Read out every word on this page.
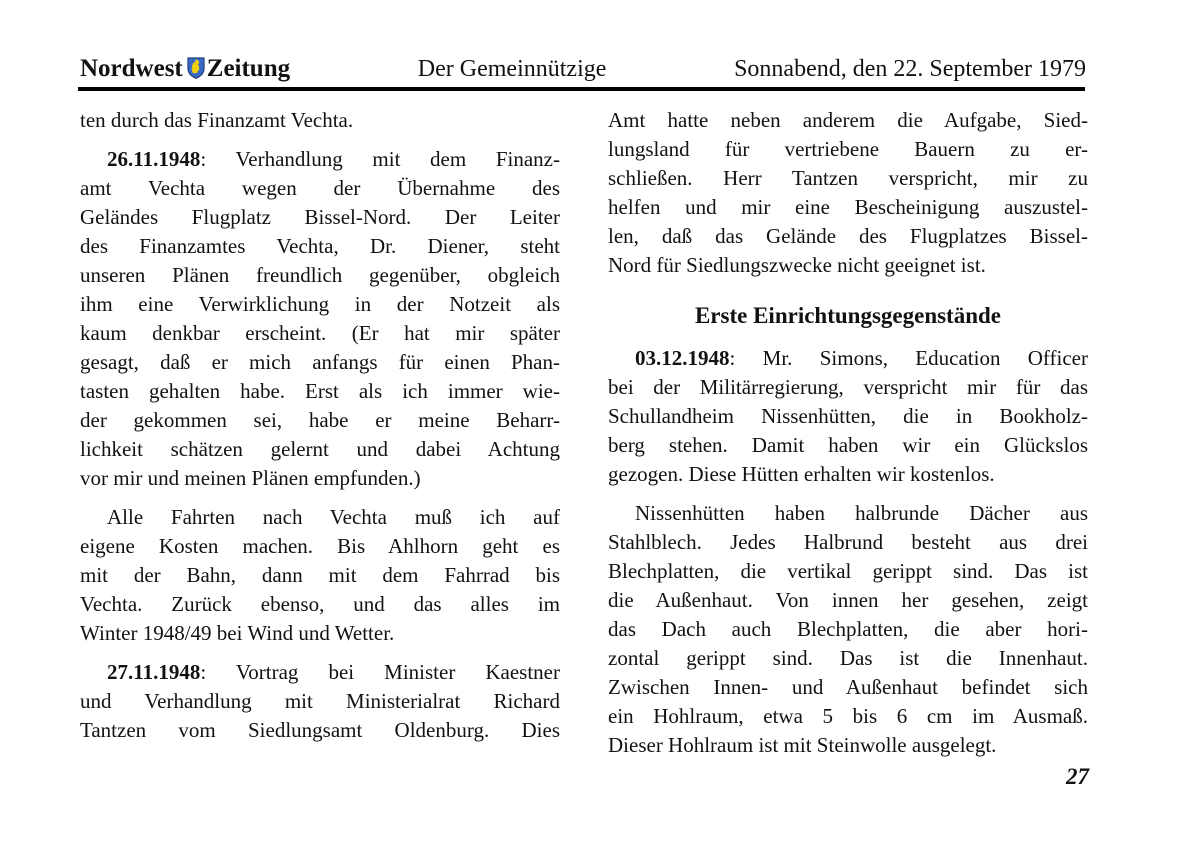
Nordwest Zeitung	Der Gemeinnützige	Sonnabend, den 22. September 1979
ten durch das Finanzamt Vechta.
26.11.1948: Verhandlung mit dem Finanz-
amt Vechta wegen der Übernahme des
Geländes Flugplatz Bissel-Nord. Der Leiter
des Finanzamtes Vechta, Dr. Diener, steht
unseren Plänen freundlich gegenüber, obgleich
ihm eine Verwirklichung in der Notzeit als
kaum denkbar erscheint. (Er hat mir später
gesagt, daß er mich anfangs für einen Phan-
tasten gehalten habe. Erst als ich immer wie-
der gekommen sei, habe er meine Beharr-
lichkeit schätzen gelernt und dabei Achtung
vor mir und meinen Plänen empfunden.)
Alle Fahrten nach Vechta muß ich auf
eigene Kosten machen. Bis Ahlhorn geht es
mit der Bahn, dann mit dem Fahrrad bis
Vechta. Zurück ebenso, und das alles im
Winter 1948/49 bei Wind und Wetter.
27.11.1948: Vortrag bei Minister Kaestner
und Verhandlung mit Ministerialrat Richard
Tantzen vom Siedlungsamt Oldenburg. Dies
Amt hatte neben anderem die Aufgabe, Sied-
lungsland für vertriebene Bauern zu er-
schließen. Herr Tantzen verspricht, mir zu
helfen und mir eine Bescheinigung auszustel-
len, daß das Gelände des Flugplatzes Bissel-
Nord für Siedlungszwecke nicht geeignet ist.
Erste Einrichtungsgegenstände
03.12.1948: Mr. Simons, Education Officer
bei der Militärregierung, verspricht mir für das
Schullandheim Nissenhütten, die in Bookholz-
berg stehen. Damit haben wir ein Glückslos
gezogen. Diese Hütten erhalten wir kostenlos.
Nissenhütten haben halbrunde Dächer aus
Stahlblech. Jedes Halbrund besteht aus drei
Blechplatten, die vertikal gerippt sind. Das ist
die Außenhaut. Von innen her gesehen, zeigt
das Dach auch Blechplatten, die aber hori-
zontal gerippt sind. Das ist die Innenhaut.
Zwischen Innen- und Außenhaut befindet sich
ein Hohlraum, etwa 5 bis 6 cm im Ausmaß.
Dieser Hohlraum ist mit Steinwolle ausgelegt.
27
